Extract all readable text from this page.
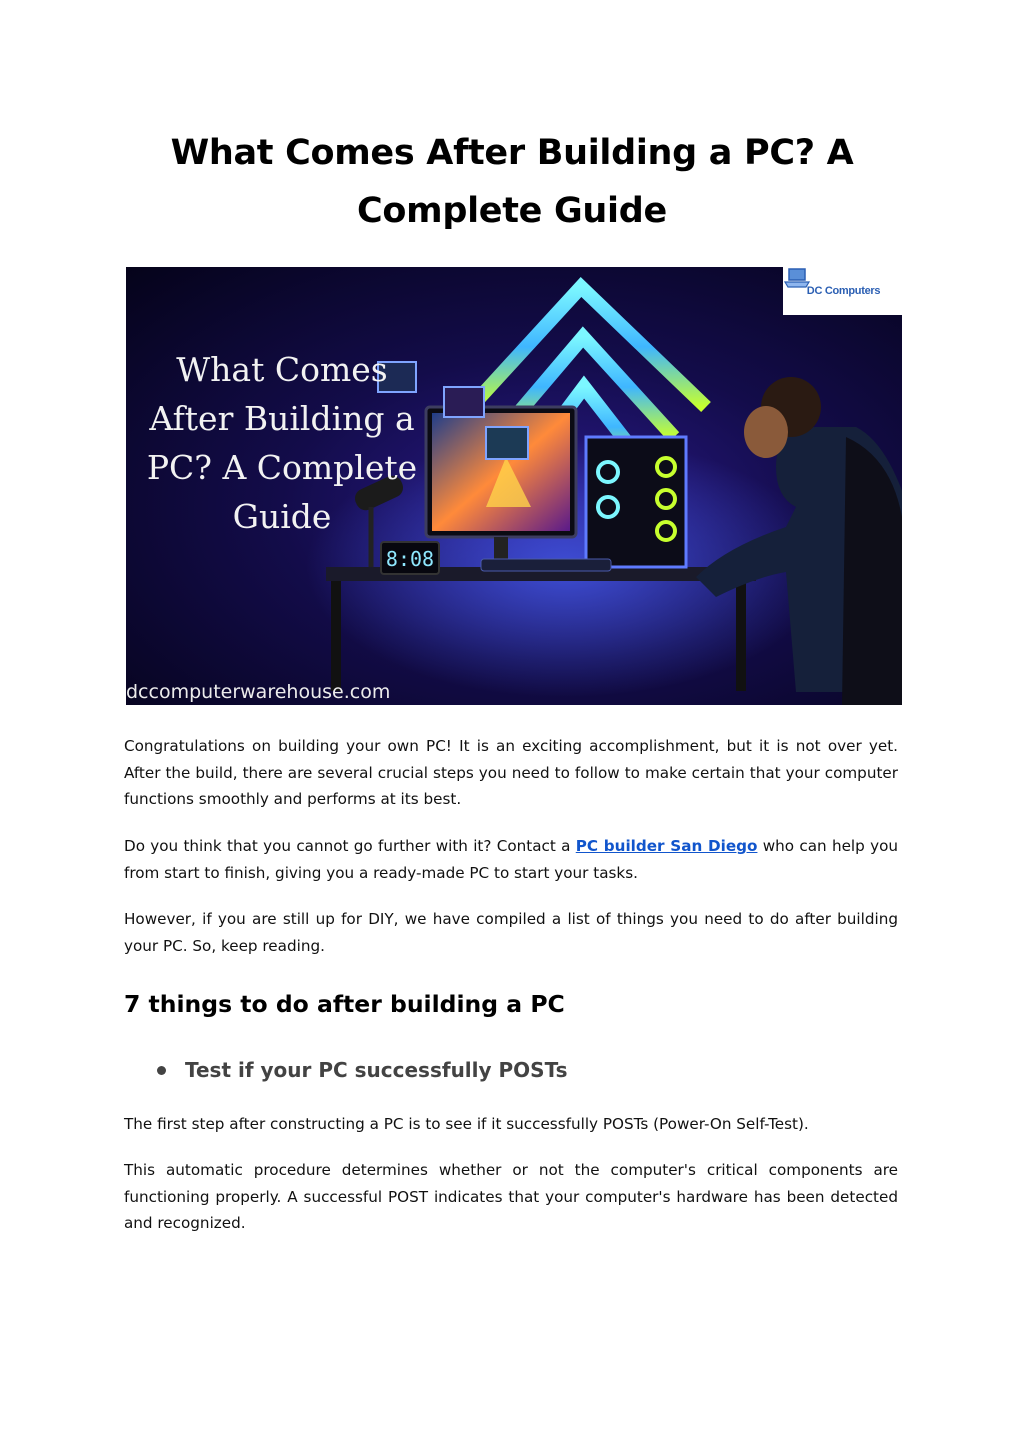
What Comes After Building a PC? A Complete Guide
8:08
What Comes
After Building a
PC? A Complete
Guide
dccomputerwarehouse.com
DC Computers

Congratulations on building your own PC! It is an exciting accomplishment, but it is not over yet. After the build, there are several crucial steps you need to follow to make certain that your computer functions smoothly and performs at its best.

Do you think that you cannot go further with it? Contact a PC builder San Diego who can help you from start to finish, giving you a ready-made PC to start your tasks.

However, if you are still up for DIY, we have compiled a list of things you need to do after building your PC. So, keep reading.

7 things to do after building a PC
Test if your PC successfully POSTs

The first step after constructing a PC is to see if it successfully POSTs (Power-On Self-Test).

This automatic procedure determines whether or not the computer's critical components are functioning properly. A successful POST indicates that your computer's hardware has been detected and recognized.
